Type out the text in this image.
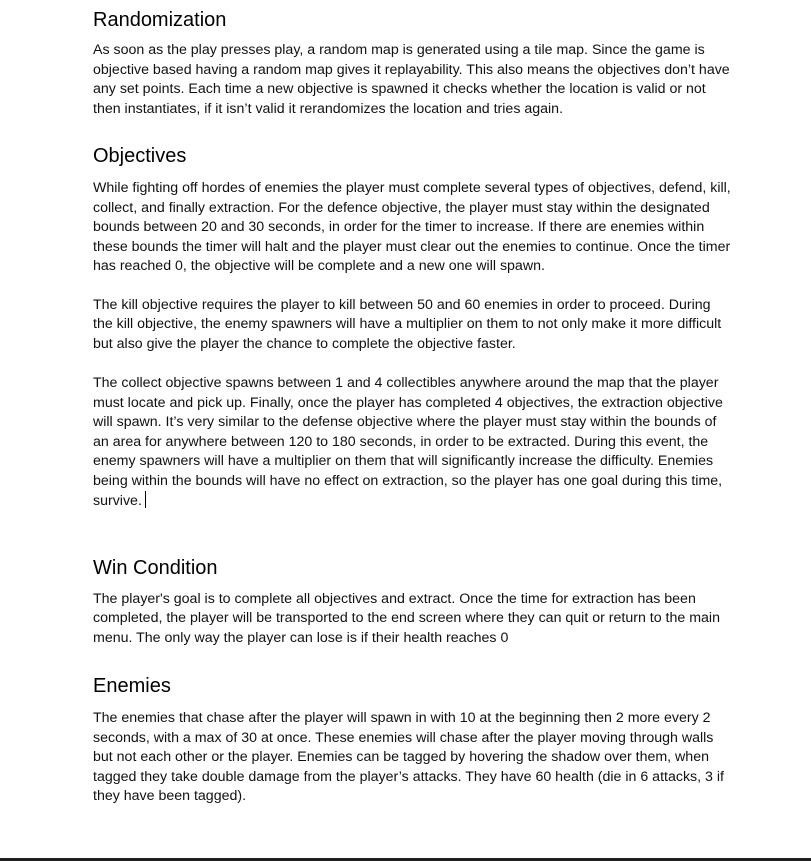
Randomization

As soon as the play presses play, a random map is generated using a tile map. Since the game is objective based having a random map gives it replayability. This also means the objectives don’t have any set points. Each time a new objective is spawned it checks whether the location is valid or not then instantiates, if it isn’t valid it rerandomizes the location and tries again.

Objectives

While fighting off hordes of enemies the player must complete several types of objectives, defend, kill, collect, and finally extraction. For the defence objective, the player must stay within the designated bounds between 20 and 30 seconds, in order for the timer to increase. If there are enemies within these bounds the timer will halt and the player must clear out the enemies to continue. Once the timer has reached 0, the objective will be complete and a new one will spawn.

The kill objective requires the player to kill between 50 and 60 enemies in order to proceed. During the kill objective, the enemy spawners will have a multiplier on them to not only make it more difficult but also give the player the chance to complete the objective faster.

The collect objective spawns between 1 and 4 collectibles anywhere around the map that the player must locate and pick up. Finally, once the player has completed 4 objectives, the extraction objective will spawn. It’s very similar to the defense objective where the player must stay within the bounds of an area for anywhere between 120 to 180 seconds, in order to be extracted. During this event, the enemy spawners will have a multiplier on them that will significantly increase the difficulty. Enemies being within the bounds will have no effect on extraction, so the player has one goal during this time, survive.

Win Condition

The player's goal is to complete all objectives and extract. Once the time for extraction has been completed, the player will be transported to the end screen where they can quit or return to the main menu. The only way the player can lose is if their health reaches 0

Enemies

The enemies that chase after the player will spawn in with 10 at the beginning then 2 more every 2 seconds, with a max of 30 at once. These enemies will chase after the player moving through walls but not each other or the player. Enemies can be tagged by hovering the shadow over them, when tagged they take double damage from the player’s attacks. They have 60 health (die in 6 attacks, 3 if they have been tagged).
